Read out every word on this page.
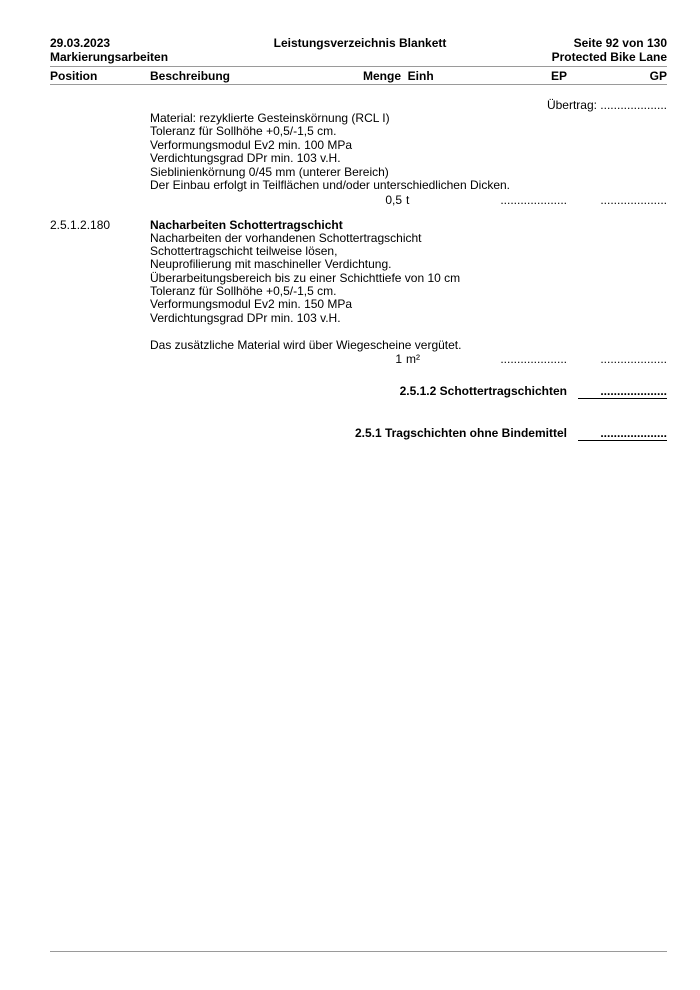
29.03.2023
Markierungsarbeiten
Leistungsverzeichnis Blankett	Seite 92 von 130
Protected Bike Lane
Position	Beschreibung	Menge  Einh	EP	GP
Übertrag: ....................
Material: rezyklierte Gesteinskörnung (RCL I)
Toleranz für Sollhöhe +0,5/-1,5 cm.
Verformungsmodul Ev2 min. 100 MPa
Verdichtungsgrad DPr min. 103 v.H.
Sieblinienkörnung 0/45 mm (unterer Bereich)
Der Einbau erfolgt in Teilflächen und/oder unterschiedlichen Dicken.
0,5 t	....................	....................
2.5.1.2.180	Nacharbeiten Schottertragschicht
Nacharbeiten der vorhandenen Schottertragschicht
Schottertragschicht teilweise lösen,
Neuprofilierung mit maschineller Verdichtung.
Überarbeitungsbereich bis zu einer Schichttiefe von 10 cm
Toleranz für Sollhöhe +0,5/-1,5 cm.
Verformungsmodul Ev2 min. 150 MPa
Verdichtungsgrad DPr min. 103 v.H.
Das zusätzliche Material wird über Wiegescheine vergütet.
1 m²	....................	....................
2.5.1.2 Schottertragschichten	....................
2.5.1 Tragschichten ohne Bindemittel	....................
